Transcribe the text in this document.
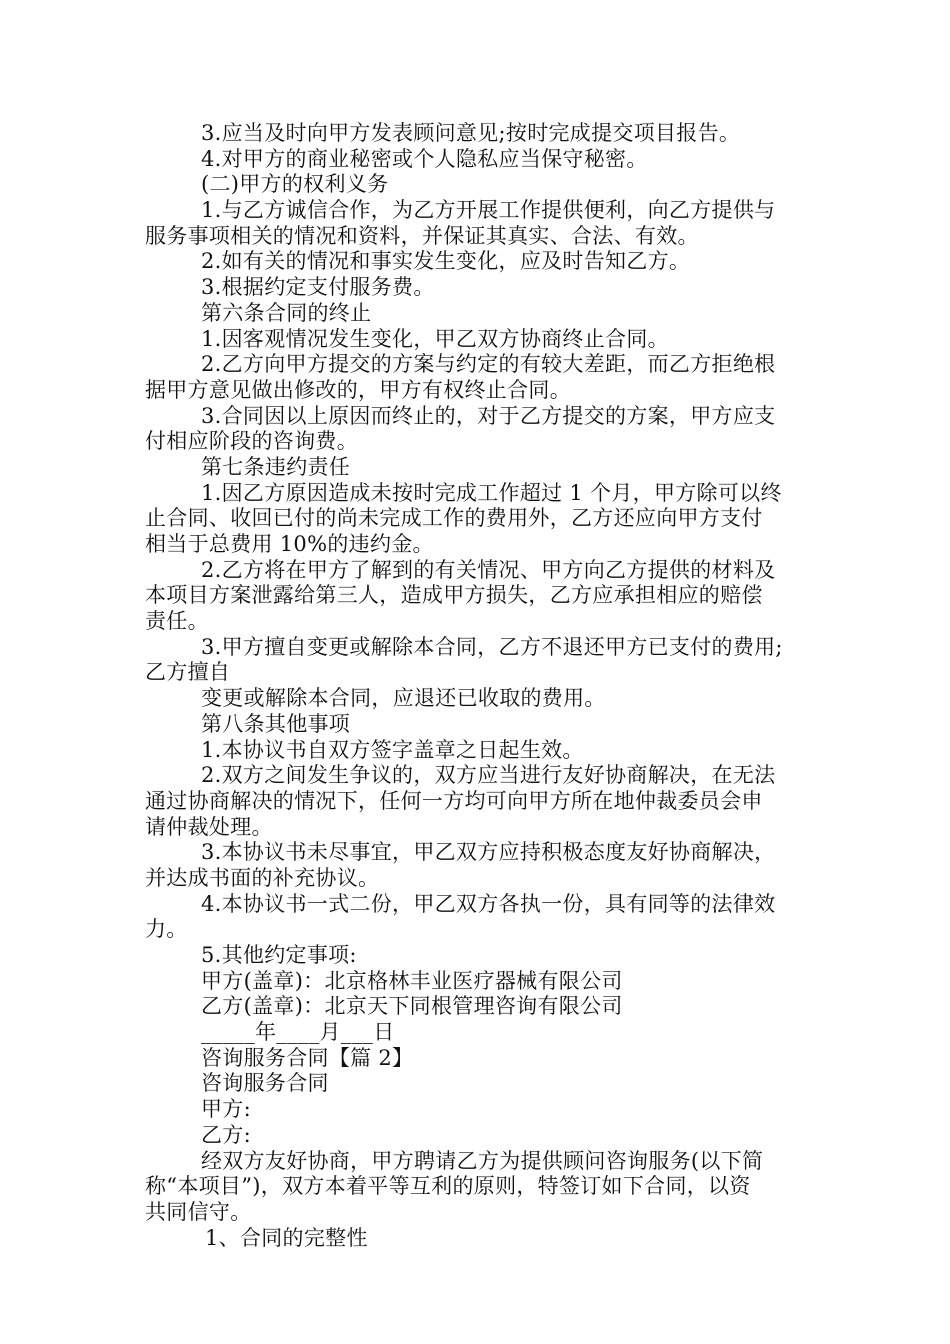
3.应当及时向甲方发表顾问意见;按时完成提交项目报告。
4.对甲方的商业秘密或个人隐私应当保守秘密。
(二)甲方的权利义务
1.与乙方诚信合作，为乙方开展工作提供便利，向乙方提供与
服务事项相关的情况和资料，并保证其真实、合法、有效。
2.如有关的情况和事实发生变化，应及时告知乙方。
3.根据约定支付服务费。
第六条合同的终止
1.因客观情况发生变化，甲乙双方协商终止合同。
2.乙方向甲方提交的方案与约定的有较大差距，而乙方拒绝根
据甲方意见做出修改的，甲方有权终止合同。
3.合同因以上原因而终止的，对于乙方提交的方案，甲方应支
付相应阶段的咨询费。
第七条违约责任
1.因乙方原因造成未按时完成工作超过 1 个月，甲方除可以终
止合同、收回已付的尚未完成工作的费用外，乙方还应向甲方支付
相当于总费用 10%的违约金。
2.乙方将在甲方了解到的有关情况、甲方向乙方提供的材料及
本项目方案泄露给第三人，造成甲方损失，乙方应承担相应的赔偿
责任。
3.甲方擅自变更或解除本合同，乙方不退还甲方已支付的费用;
乙方擅自
变更或解除本合同，应退还已收取的费用。
第八条其他事项
1.本协议书自双方签字盖章之日起生效。
2.双方之间发生争议的，双方应当进行友好协商解决，在无法
通过协商解决的情况下，任何一方均可向甲方所在地仲裁委员会申
请仲裁处理。
3.本协议书未尽事宜，甲乙双方应持积极态度友好协商解决，
并达成书面的补充协议。
4.本协议书一式二份，甲乙双方各执一份，具有同等的法律效
力。
5.其他约定事项:
甲方(盖章)：北京格林丰业医疗器械有限公司
乙方(盖章)：北京天下同根管理咨询有限公司
_____年____月___日
咨询服务合同【篇 2】
咨询服务合同
甲方:
乙方:
经双方友好协商，甲方聘请乙方为提供顾问咨询服务(以下简
称“本项目”)，双方本着平等互利的原则，特签订如下合同，以资
共同信守。
1、合同的完整性
